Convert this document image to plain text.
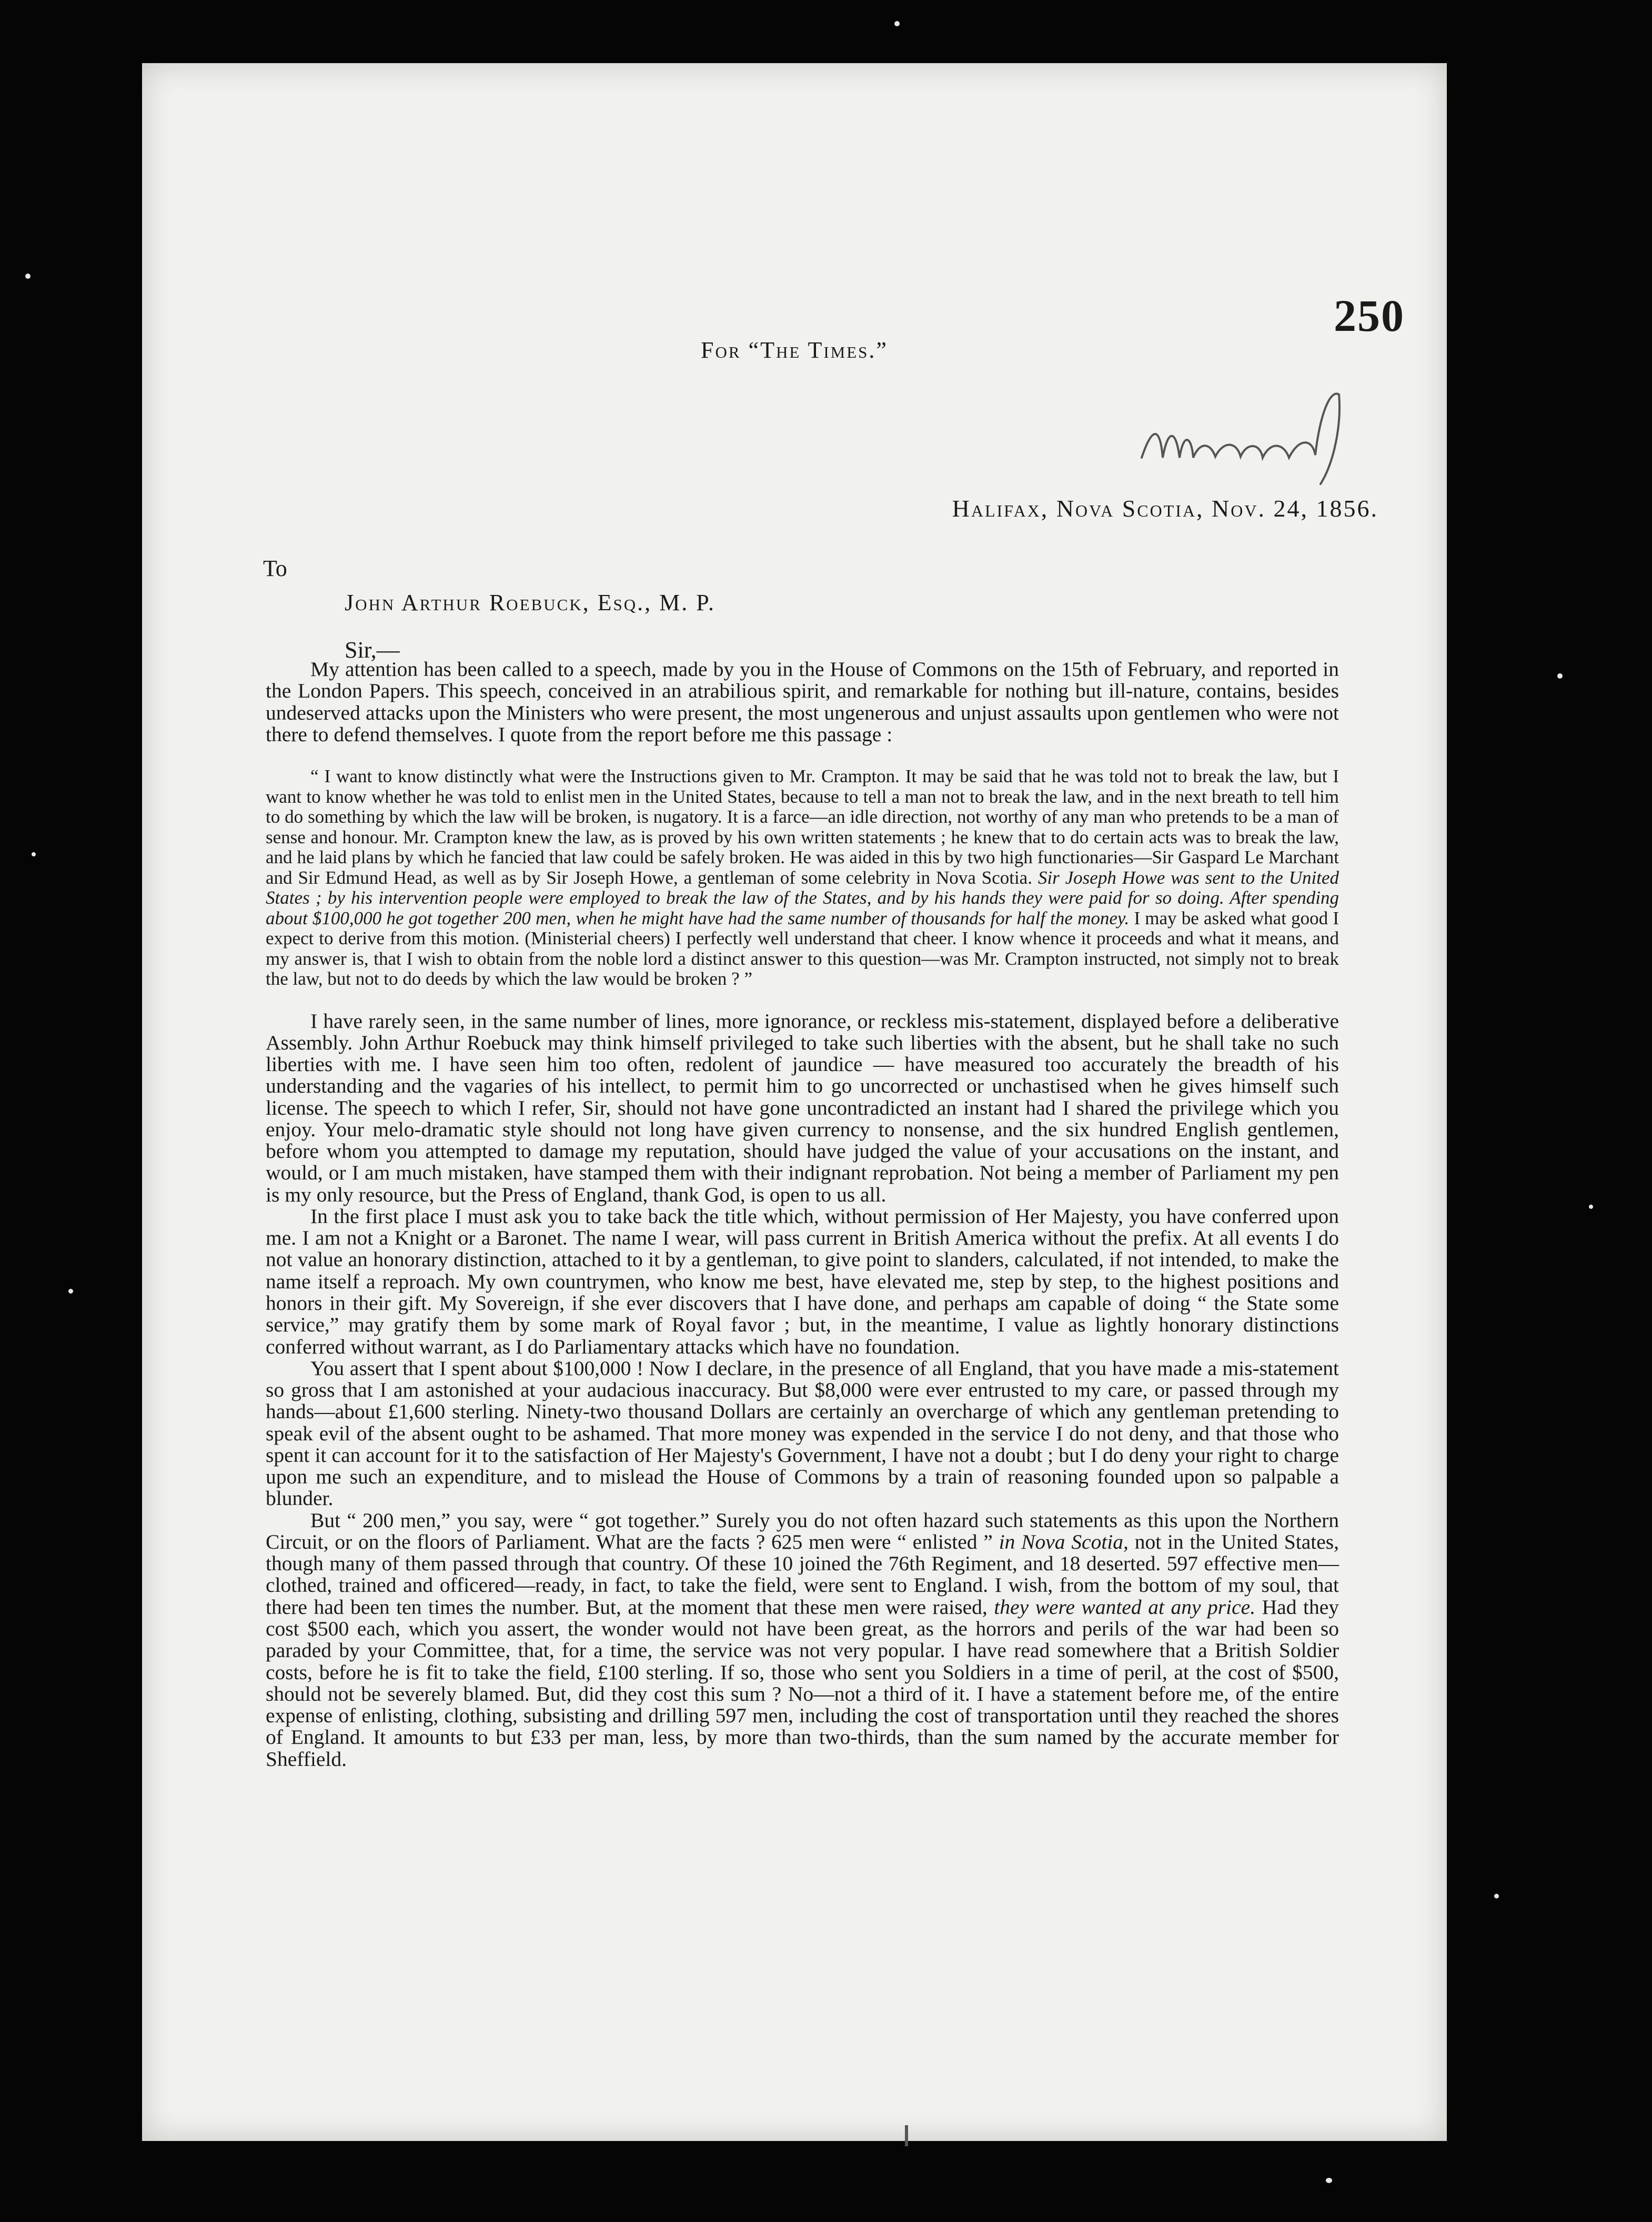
250
For “The Times.”
Halifax, Nova Scotia, Nov. 24, 1856.
To
John Arthur Roebuck, Esq., M. P.
Sir,—

My attention has been called to a speech, made by you in the House of Commons on the 15th of February, and reported in the London Papers. This speech, conceived in an atrabilious spirit, and remarkable for nothing but ill-nature, contains, besides undeserved attacks upon the Ministers who were present, the most ungenerous and unjust assaults upon gentlemen who were not there to defend themselves. I quote from the report before me this passage :

“ I want to know distinctly what were the Instructions given to Mr. Crampton. It may be said that he was told not to break the law, but I want to know whether he was told to enlist men in the United States, because to tell a man not to break the law, and in the next breath to tell him to do something by which the law will be broken, is nugatory. It is a farce—an idle direction, not worthy of any man who pretends to be a man of sense and honour. Mr. Crampton knew the law, as is proved by his own written statements ; he knew that to do certain acts was to break the law, and he laid plans by which he fancied that law could be safely broken. He was aided in this by two high functionaries—Sir Gaspard Le Marchant and Sir Edmund Head, as well as by Sir Joseph Howe, a gentleman of some celebrity in Nova Scotia. Sir Joseph Howe was sent to the United States ; by his intervention people were employed to break the law of the States, and by his hands they were paid for so doing. After spending about $100,000 he got together 200 men, when he might have had the same number of thousands for half the money. I may be asked what good I expect to derive from this motion. (Ministerial cheers) I perfectly well understand that cheer. I know whence it proceeds and what it means, and my answer is, that I wish to obtain from the noble lord a distinct answer to this question—was Mr. Crampton instructed, not simply not to break the law, but not to do deeds by which the law would be broken ? ”

I have rarely seen, in the same number of lines, more ignorance, or reckless mis-statement, displayed before a deliberative Assembly. John Arthur Roebuck may think himself privileged to take such liberties with the absent, but he shall take no such liberties with me. I have seen him too often, redolent of jaundice — have measured too accurately the breadth of his understanding and the vagaries of his intellect, to permit him to go uncorrected or unchastised when he gives himself such license. The speech to which I refer, Sir, should not have gone uncontradicted an instant had I shared the privilege which you enjoy. Your melo-dramatic style should not long have given currency to nonsense, and the six hundred English gentlemen, before whom you attempted to damage my reputation, should have judged the value of your accusations on the instant, and would, or I am much mistaken, have stamped them with their indignant reprobation. Not being a member of Parliament my pen is my only resource, but the Press of England, thank God, is open to us all.

In the first place I must ask you to take back the title which, without permission of Her Majesty, you have conferred upon me. I am not a Knight or a Baronet. The name I wear, will pass current in British America without the prefix. At all events I do not value an honorary distinction, attached to it by a gentleman, to give point to slanders, calculated, if not intended, to make the name itself a reproach. My own countrymen, who know me best, have elevated me, step by step, to the highest positions and honors in their gift. My Sovereign, if she ever discovers that I have done, and perhaps am capable of doing “ the State some service,” may gratify them by some mark of Royal favor ; but, in the meantime, I value as lightly honorary distinctions conferred without warrant, as I do Parliamentary attacks which have no foundation.

You assert that I spent about $100,000 ! Now I declare, in the presence of all England, that you have made a mis-statement so gross that I am astonished at your audacious inaccuracy. But $8,000 were ever entrusted to my care, or passed through my hands—about £1,600 sterling. Ninety-two thousand Dollars are certainly an overcharge of which any gentleman pretending to speak evil of the absent ought to be ashamed. That more money was expended in the service I do not deny, and that those who spent it can account for it to the satisfaction of Her Majesty's Government, I have not a doubt ; but I do deny your right to charge upon me such an expenditure, and to mislead the House of Commons by a train of reasoning founded upon so palpable a blunder.

But “ 200 men,” you say, were “ got together.” Surely you do not often hazard such statements as this upon the Northern Circuit, or on the floors of Parliament. What are the facts ? 625 men were “ enlisted ” in Nova Scotia, not in the United States, though many of them passed through that country. Of these 10 joined the 76th Regiment, and 18 deserted. 597 effective men—clothed, trained and officered—ready, in fact, to take the field, were sent to England. I wish, from the bottom of my soul, that there had been ten times the number. But, at the moment that these men were raised, they were wanted at any price. Had they cost $500 each, which you assert, the wonder would not have been great, as the horrors and perils of the war had been so paraded by your Committee, that, for a time, the service was not very popular. I have read somewhere that a British Soldier costs, before he is fit to take the field, £100 sterling. If so, those who sent you Soldiers in a time of peril, at the cost of $500, should not be severely blamed. But, did they cost this sum ? No—not a third of it. I have a statement before me, of the entire expense of enlisting, clothing, subsisting and drilling 597 men, including the cost of transportation until they reached the shores of England. It amounts to but £33 per man, less, by more than two-thirds, than the sum named by the accurate member for Sheffield.
